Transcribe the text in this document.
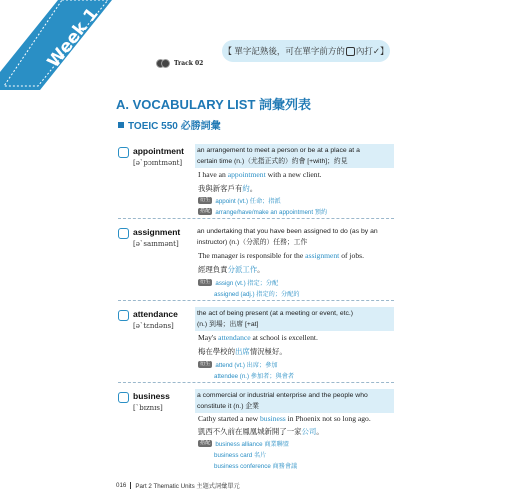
Week 1	【 單字記熟後，可在單字前方的 內打✓】
Track 02
A. VOCABULARY LIST 詞彙列表
TOEIC 550 必勝詞彙
appointment
[əˋpɔɪntmənt]
an arrangement to meet a person or be at a place at a
certain time (n.)（尤指正式的）約會 [+with]；約見
I have an appointment with a new client.
我與新客戶有約。
衍生 appoint (vt.) 任命；指派
搭配 arrange/have/make an appointment 預約
assignment
[əˋsaɪnmənt]
an undertaking that you have been assigned to do (as by an
instructor) (n.)（分派的）任務；工作
The manager is responsible for the assignment of jobs.
經理負責分派工作。
衍生 assign (vt.) 指定；分配
assigned (adj.) 指定的；分配的
attendance
[əˋtɛndəns]
the act of being present (at a meeting or event, etc.)
(n.) 到場；出席 [+at]
May's attendance at school is excellent.
梅在學校的出席情況極好。
衍生 attend (vt.) 出席；參加
attendee (n.) 參加者；與會者
business
[ˋbɪznɪs]
a commercial or industrial enterprise and the people who
constitute it (n.) 企業
Cathy started a new business in Phoenix not so long ago.
凱西不久前在鳳凰城新開了一家公司。
搭配 business alliance 商業聯盟
business card 名片
business conference 商務會議
016 Part 2 Thematic Units 主題式詞彙單元
